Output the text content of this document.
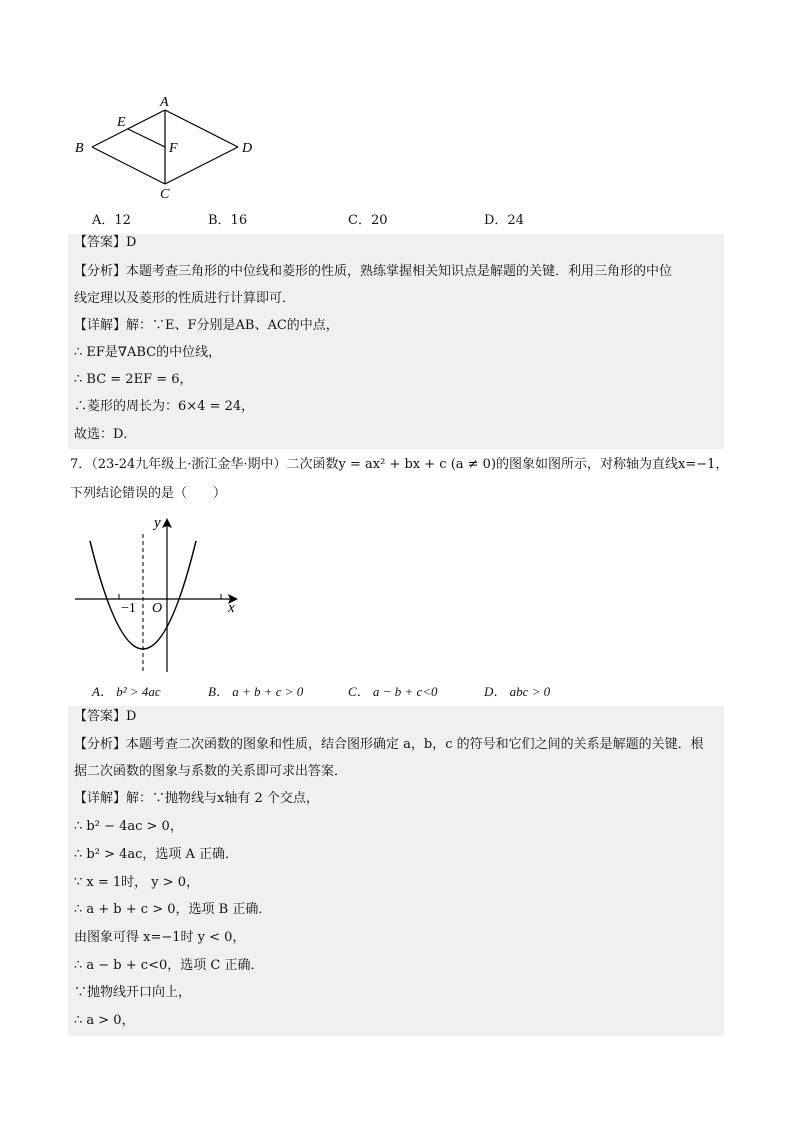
A
B
C
D
E
F
A．12	B．16	C．20	D．24
【答案】D
【分析】本题考查三角形的中位线和菱形的性质，熟练掌握相关知识点是解题的关键．利用三角形的中位
线定理以及菱形的性质进行计算即可．
【详解】解：∵E、F分别是AB、AC的中点，
∴ EF是∇ABC的中位线，
∴ BC = 2EF = 6，
∴菱形的周长为：6×4 = 24，
故选：D．
7．（23-24九年级上·浙江金华·期中）二次函数y = ax² + bx + c (a ≠ 0)的图象如图所示，对称轴为直线x=−1，
下列结论错误的是（　　）
y
x
−1 O
A． b² > 4ac	B． a + b + c > 0	C． a − b + c<0	D． abc > 0
【答案】D
【分析】本题考查二次函数的图象和性质，结合图形确定 a，b，c 的符号和它们之间的关系是解题的关键．根
据二次函数的图象与系数的关系即可求出答案．
【详解】解：∵抛物线与x轴有 2 个交点，
∴ b² − 4ac > 0，
∴ b² > 4ac，选项 A 正确．
∵ x = 1时， y > 0，
∴ a + b + c > 0，选项 B 正确．
由图象可得 x=−1时 y < 0，
∴ a − b + c<0，选项 C 正确．
∵抛物线开口向上，
∴ a > 0，
